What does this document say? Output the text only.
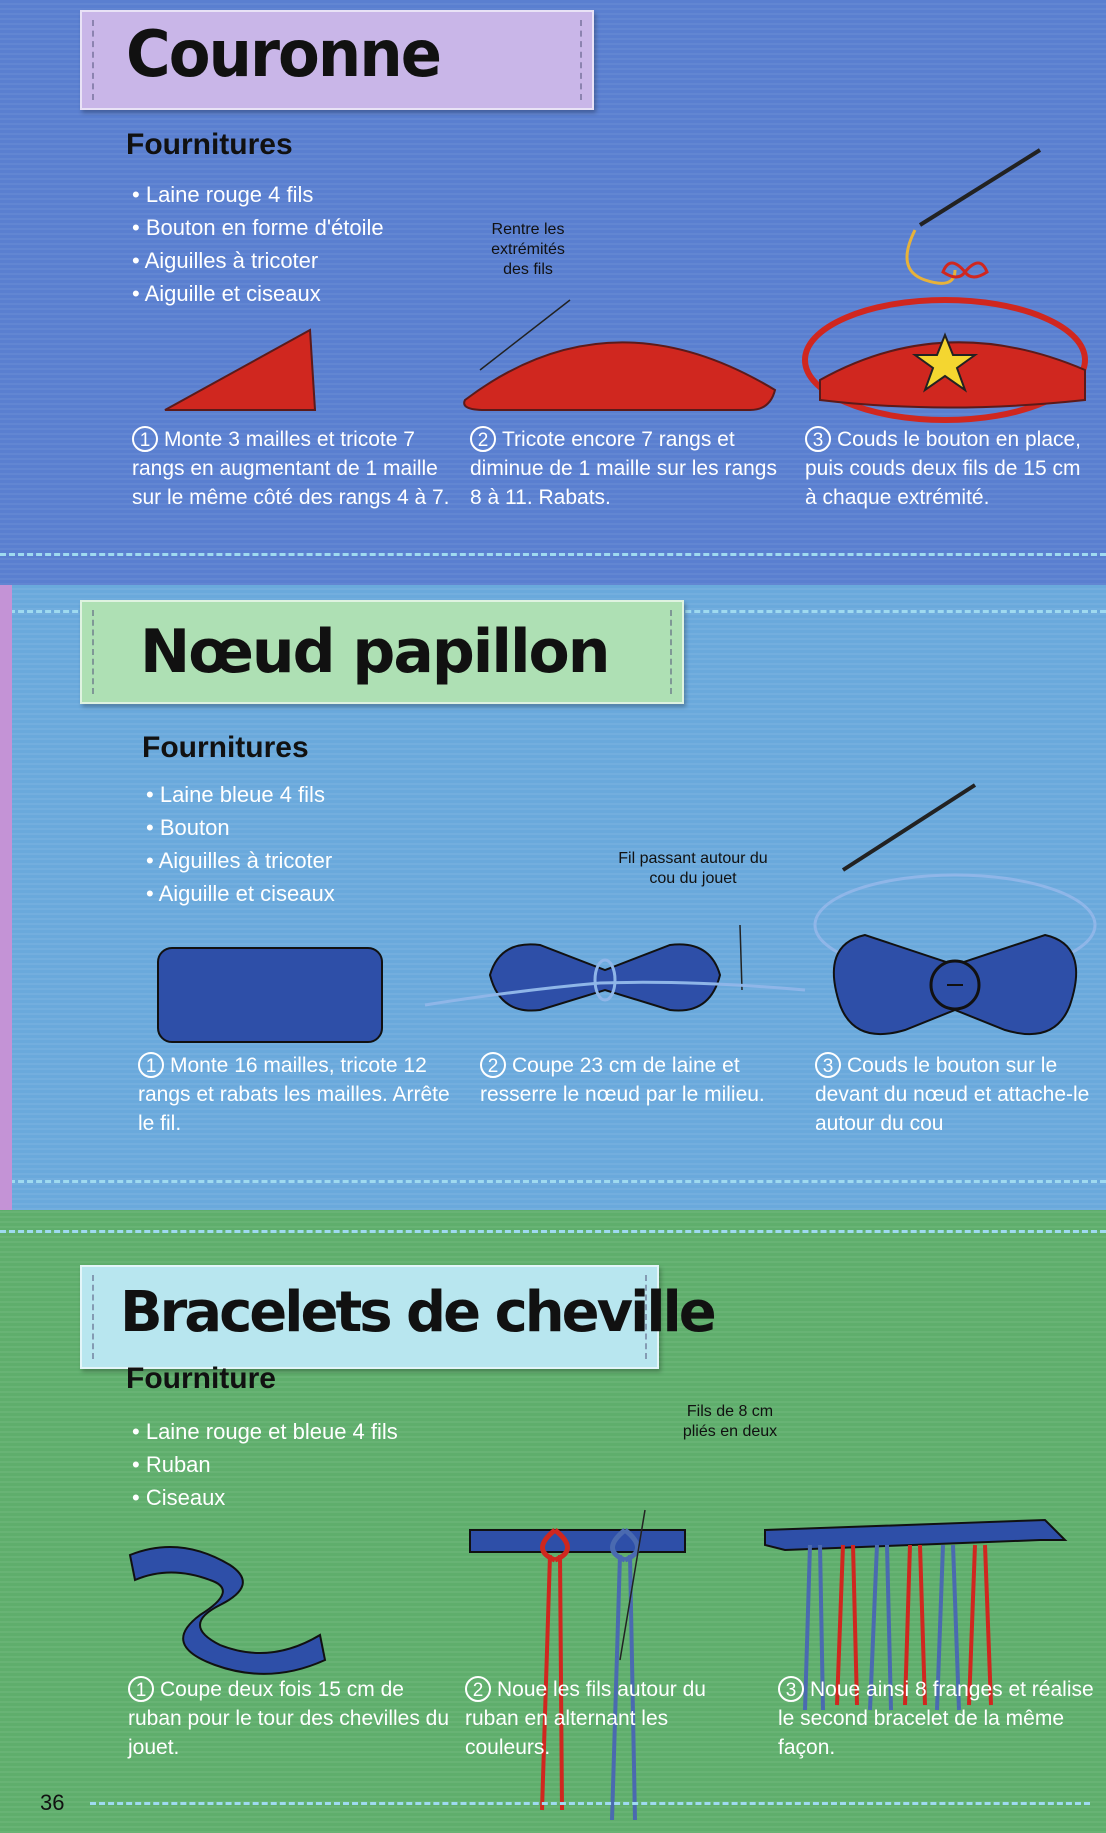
Couronne
Fournitures
• Laine rouge 4 fils
• Bouton en forme d'étoile
• Aiguilles à tricoter
• Aiguille et ciseaux
Rentre les extrémités des fils
1 Monte 3 mailles et tricote 7 rangs en augmentant de 1 maille sur le même côté des rangs 4 à 7.
2 Tricote encore 7 rangs et diminue de 1 maille sur les rangs 8 à 11. Rabats.
3 Couds le bouton en place, puis couds deux fils de 15 cm à chaque extrémité.
Nœud papillon
Fournitures
• Laine bleue 4 fils
• Bouton
• Aiguilles à tricoter
• Aiguille et ciseaux
Fil passant autour du cou du jouet
1 Monte 16 mailles, tricote 12 rangs et rabats les mailles. Arrête le fil.
2 Coupe 23 cm de laine et resserre le nœud par le milieu.
3 Couds le bouton sur le devant du nœud et attache-le autour du cou
Bracelets de cheville
Fourniture
• Laine rouge et bleue 4 fils
• Ruban
• Ciseaux
Fils de 8 cm pliés en deux
1 Coupe deux fois 15 cm de ruban pour le tour des chevilles du jouet.
2 Noue les fils autour du ruban en alternant les couleurs.
3 Noue ainsi 8 franges et réalise le second bracelet de la même façon.
36
